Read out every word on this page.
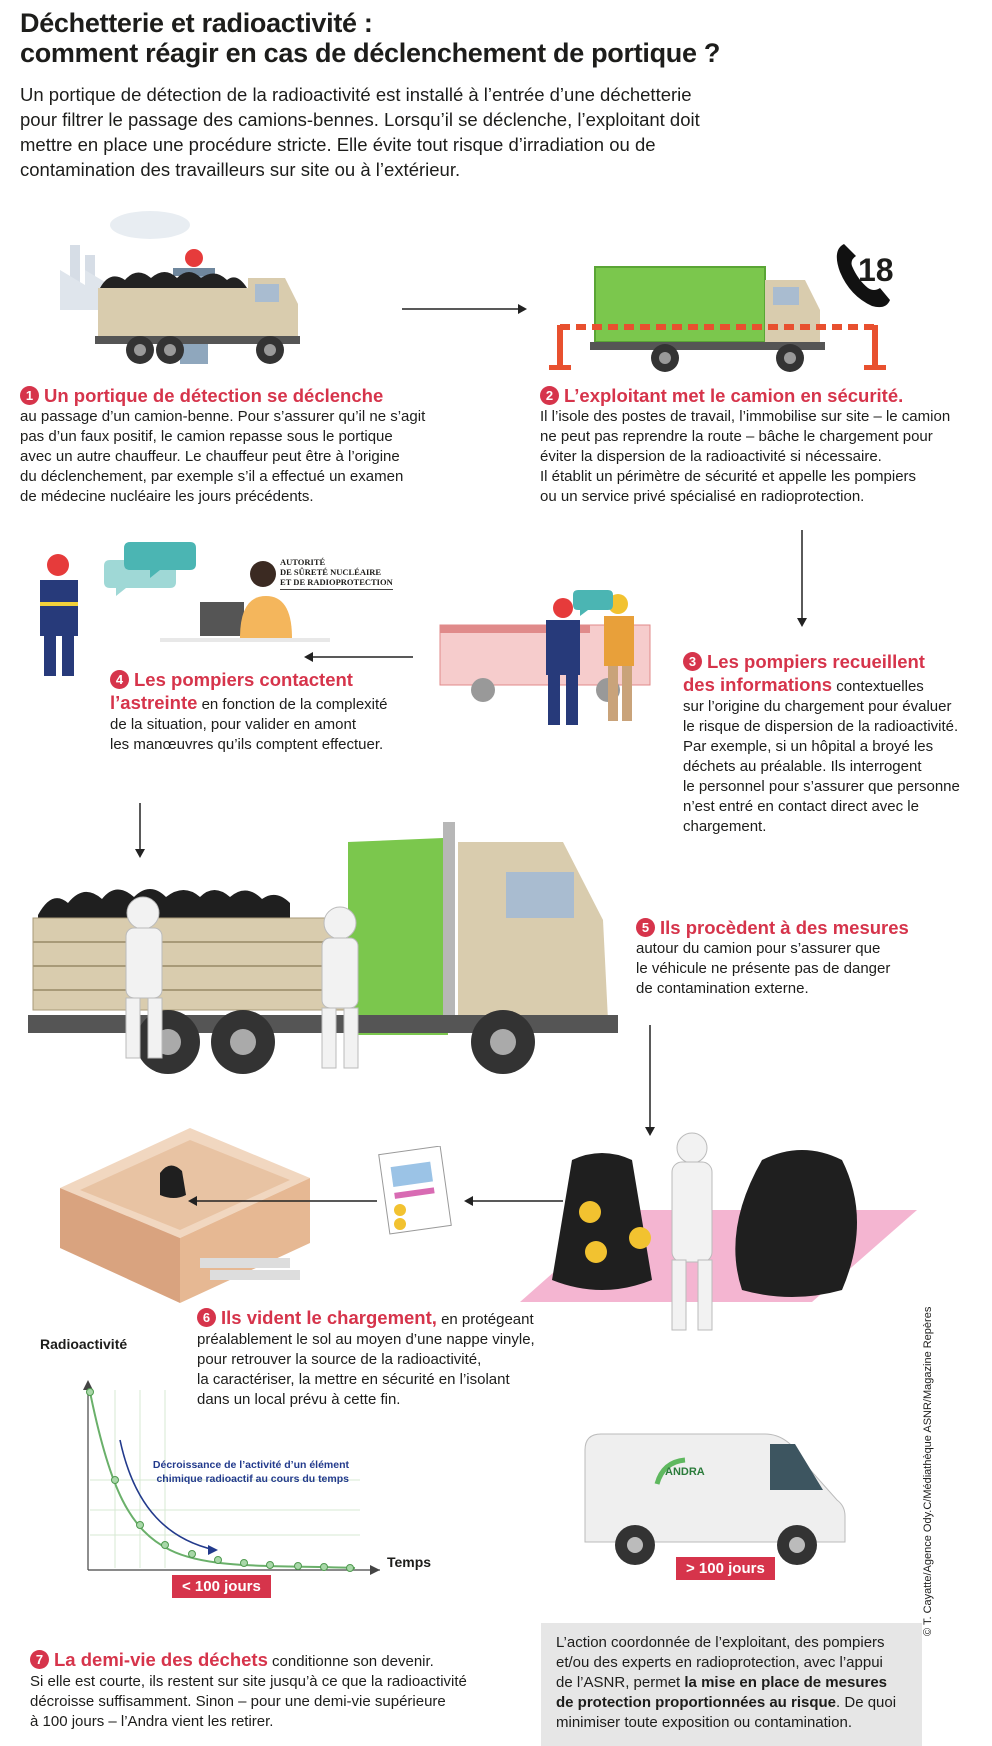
Déchetterie et radioactivité :
comment réagir en cas de déclenchement de portique ?
Un portique de détection de la radioactivité est installé à l’entrée d’une déchetterie
pour filtrer le passage des camions-bennes. Lorsqu’il se déclenche, l’exploitant doit
mettre en place une procédure stricte. Elle évite tout risque d’irradiation ou de
contamination des travailleurs sur site ou à l’extérieur.
18
1 Un portique de détection se déclenche
au passage d’un camion-benne. Pour s’assurer qu’il ne s’agit
pas d’un faux positif, le camion repasse sous le portique
avec un autre chauffeur. Le chauffeur peut être à l’origine
du déclenchement, par exemple s’il a effectué un examen
de médecine nucléaire les jours précédents.
2 L’exploitant met le camion en sécurité.
Il l’isole des postes de travail, l’immobilise sur site – le camion
ne peut pas reprendre la route – bâche le chargement pour
éviter la dispersion de la radioactivité si nécessaire.
Il établit un périmètre de sécurité et appelle les pompiers
ou un service privé spécialisé en radioprotection.
AUTORITÉ
DE SÛRETÉ NUCLÉAIRE
ET DE RADIOPROTECTION
4 Les pompiers contactent
l’astreinte en fonction de la complexité
de la situation, pour valider en amont
les manœuvres qu’ils comptent effectuer.
3 Les pompiers recueillent
des informations contextuelles
sur l’origine du chargement pour évaluer
le risque de dispersion de la radioactivité.
Par exemple, si un hôpital a broyé les
déchets au préalable. Ils interrogent
le personnel pour s’assurer que personne
n’est entré en contact direct avec le
chargement.
5 Ils procèdent à des mesures
autour du camion pour s’assurer que
le véhicule ne présente pas de danger
de contamination externe.
6 Ils vident le chargement, en protégeant
préalablement le sol au moyen d’une nappe vinyle,
pour retrouver la source de la radioactivité,
la caractériser, la mettre en sécurité en l’isolant
dans un local prévu à cette fin.
Radioactivité
Décroissance de l’activité d’un élément
chimique radioactif au cours du temps
Temps
< 100 jours
ANDRA
> 100 jours
7 La demi-vie des déchets conditionne son devenir.
Si elle est courte, ils restent sur site jusqu’à ce que la radioactivité
décroisse suffisamment. Sinon – pour une demi-vie supérieure
à 100 jours – l’Andra vient les retirer.
L’action coordonnée de l’exploitant, des pompiers
et/ou des experts en radioprotection, avec l’appui
de l’ASNR, permet la mise en place de mesures
de protection proportionnées au risque. De quoi
minimiser toute exposition ou contamination.
© T. Cayatte/Agence Ody.C/Médiathèque ASNR/Magazine Repères
